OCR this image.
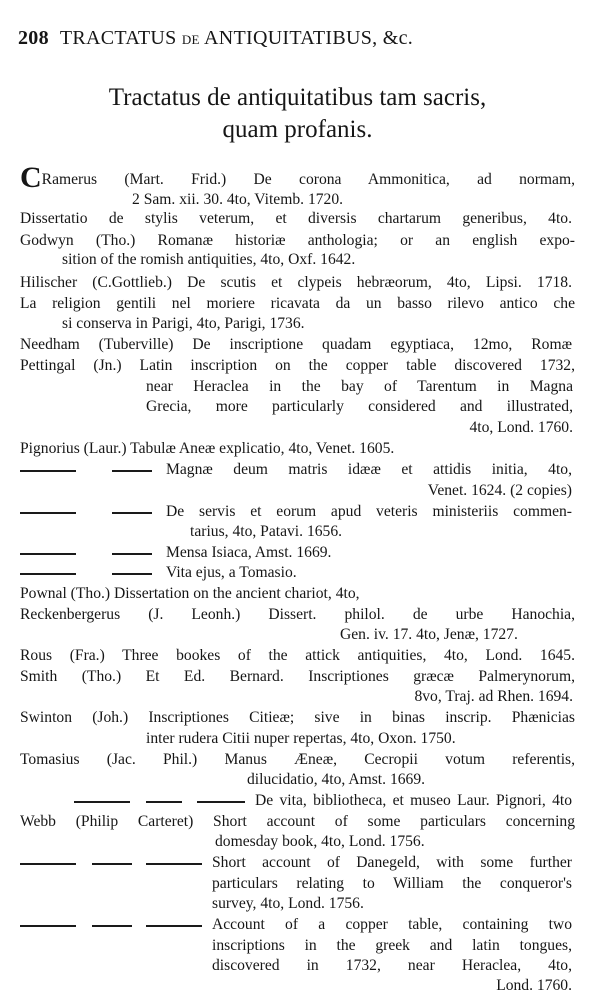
208 TRACTATUS DE ANTIQUITATIBUS, &c.
Tractatus de antiquitatibus tam sacris,
quam profanis.
CRamerus (Mart. Frid.) De corona Ammonitica, ad normam,
2 Sam. xii. 30. 4to, Vitemb. 1720.
Dissertatio de stylis veterum, et diversis chartarum generibus, 4to.
Godwyn (Tho.) Romanæ historiæ anthologia; or an english expo-
sition of the romish antiquities, 4to, Oxf. 1642.
Hilischer (C.Gottlieb.) De scutis et clypeis hebræorum, 4to, Lipsi. 1718.
La religion gentili nel moriere ricavata da un basso rilevo antico che
si conserva in Parigi, 4to, Parigi, 1736.
Needham (Tuberville) De inscriptione quadam egyptiaca, 12mo, Romæ
Pettingal (Jn.) Latin inscription on the copper table discovered 1732,
near Heraclea in the bay of Tarentum in Magna
Grecia, more particularly considered and illustrated,
4to, Lond. 1760.
Pignorius (Laur.) Tabulæ Aneæ explicatio, 4to, Venet. 1605.
Magnæ deum matris idææ et attidis initia, 4to,
Venet. 1624. (2 copies)
De servis et eorum apud veteris ministeriis commen-
tarius, 4to, Patavi. 1656.
Mensa Isiaca, Amst. 1669.
Vita ejus, a Tomasio.
Pownal (Tho.) Dissertation on the ancient chariot, 4to,
Reckenbergerus (J. Leonh.) Dissert. philol. de urbe Hanochia,
Gen. iv. 17. 4to, Jenæ, 1727.
Rous (Fra.) Three bookes of the attick antiquities, 4to, Lond. 1645.
Smith (Tho.) Et Ed. Bernard. Inscriptiones græcæ Palmerynorum,
8vo, Traj. ad Rhen. 1694.
Swinton (Joh.) Inscriptiones Citieæ; sive in binas inscrip. Phænicias
inter rudera Citii nuper repertas, 4to, Oxon. 1750.
Tomasius (Jac. Phil.) Manus Æneæ, Cecropii votum referentis,
dilucidatio, 4to, Amst. 1669.
De vita, bibliotheca, et museo Laur. Pignori, 4to
Webb (Philip Carteret) Short account of some particulars concerning
domesday book, 4to, Lond. 1756.
Short account of Danegeld, with some further
particulars relating to William the conqueror's
survey, 4to, Lond. 1756.
Account of a copper table, containing two
inscriptions in the greek and latin tongues,
discovered in 1732, near Heraclea, 4to,
Lond. 1760.
